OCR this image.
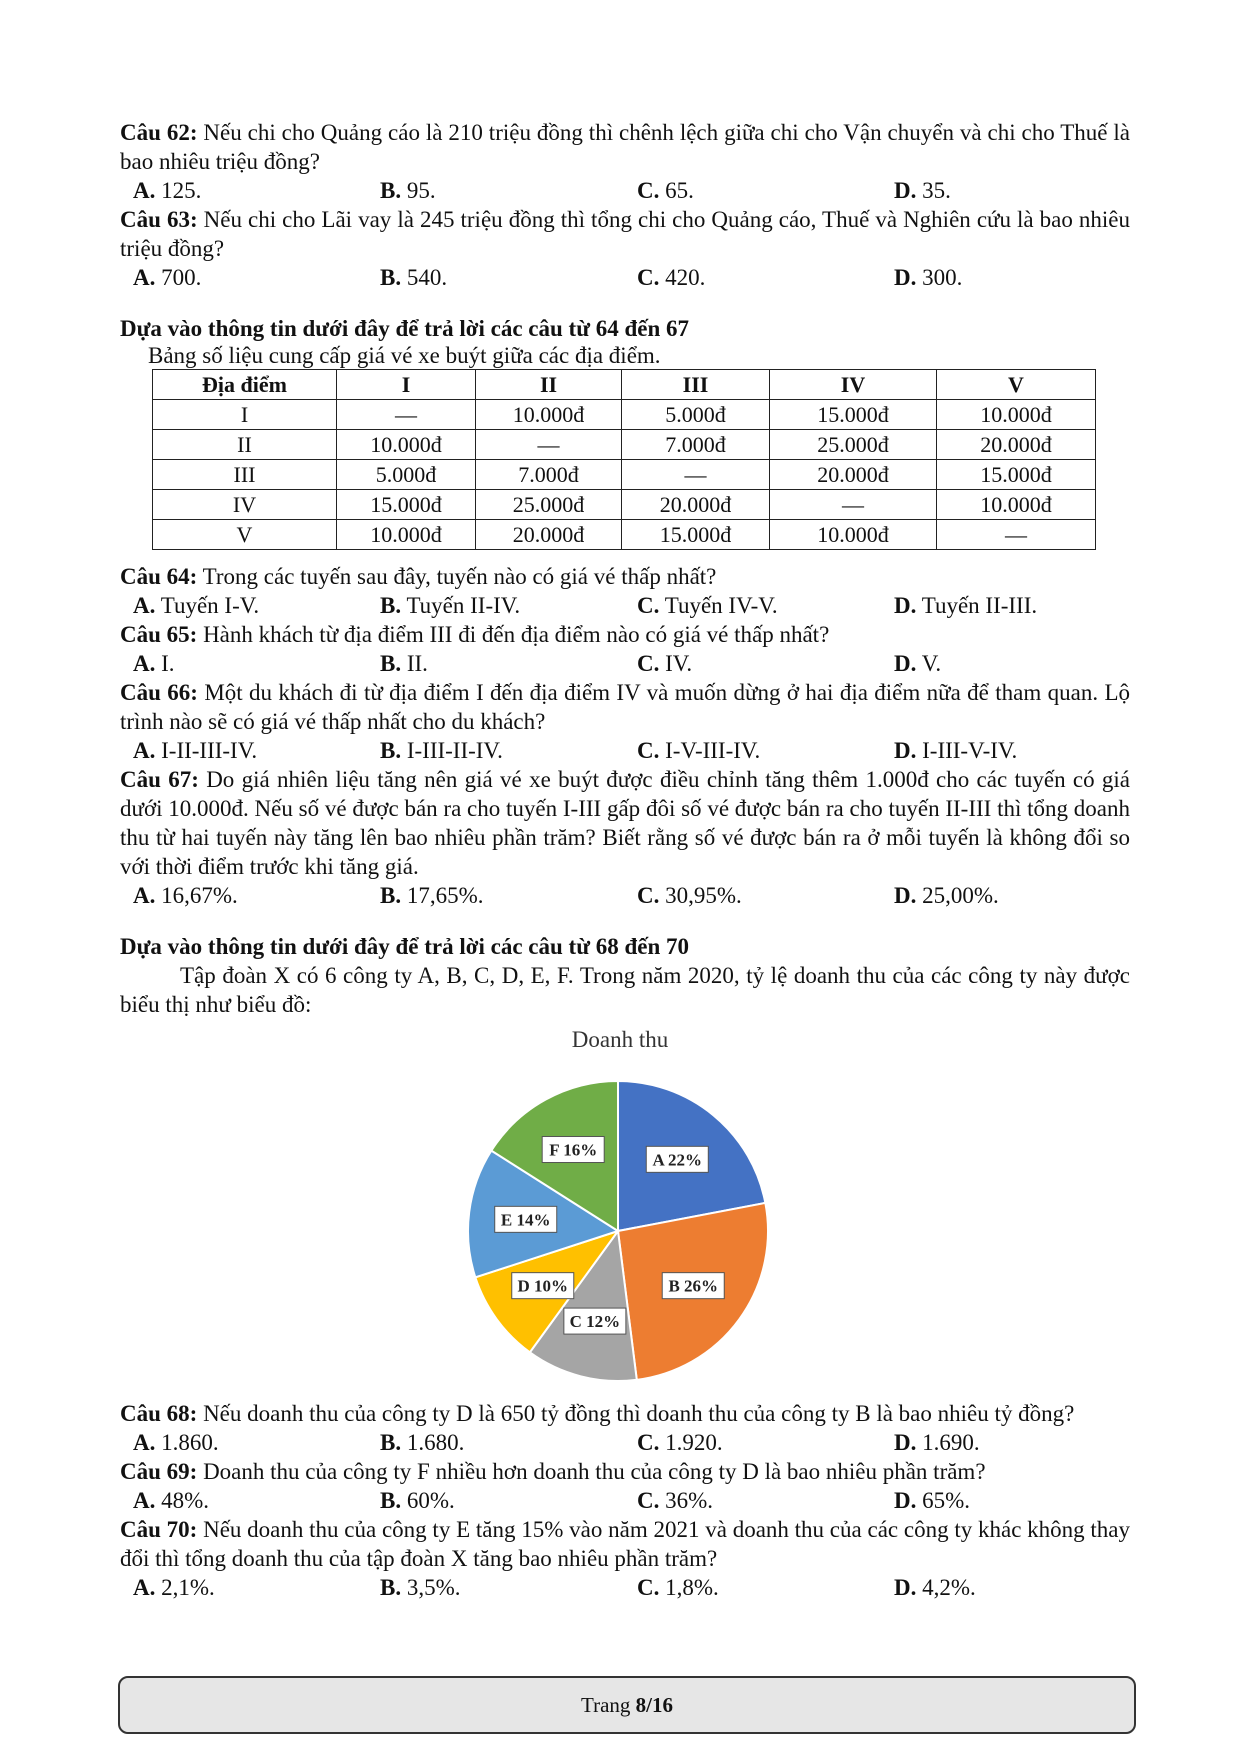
Câu 62: Nếu chi cho Quảng cáo là 210 triệu đồng thì chênh lệch giữa chi cho Vận chuyển và chi cho Thuế là bao nhiêu triệu đồng?
A. 125.	B. 95.	C. 65.	D. 35.
Câu 63: Nếu chi cho Lãi vay là 245 triệu đồng thì tổng chi cho Quảng cáo, Thuế và Nghiên cứu là bao nhiêu triệu đồng?
A. 700.	B. 540.	C. 420.	D. 300.
Dựa vào thông tin dưới đây để trả lời các câu từ 64 đến 67
Bảng số liệu cung cấp giá vé xe buýt giữa các địa điểm.
Địa điểm	I	II	III	IV	V
I	—	10.000đ	5.000đ	15.000đ	10.000đ
II	10.000đ	—	7.000đ	25.000đ	20.000đ
III	5.000đ	7.000đ	—	20.000đ	15.000đ
IV	15.000đ	25.000đ	20.000đ	—	10.000đ
V	10.000đ	20.000đ	15.000đ	10.000đ	—
Câu 64: Trong các tuyến sau đây, tuyến nào có giá vé thấp nhất?
A. Tuyến I-V.	B. Tuyến II-IV.	C. Tuyến IV-V.	D. Tuyến II-III.
Câu 65: Hành khách từ địa điểm III đi đến địa điểm nào có giá vé thấp nhất?
A. I.	B. II.	C. IV.	D. V.
Câu 66: Một du khách đi từ địa điểm I đến địa điểm IV và muốn dừng ở hai địa điểm nữa để tham quan. Lộ trình nào sẽ có giá vé thấp nhất cho du khách?
A. I-II-III-IV.	B. I-III-II-IV.	C. I-V-III-IV.	D. I-III-V-IV.
Câu 67: Do giá nhiên liệu tăng nên giá vé xe buýt được điều chỉnh tăng thêm 1.000đ cho các tuyến có giá dưới 10.000đ. Nếu số vé được bán ra cho tuyến I-III gấp đôi số vé được bán ra cho tuyến II-III thì tổng doanh thu từ hai tuyến này tăng lên bao nhiêu phần trăm? Biết rằng số vé được bán ra ở mỗi tuyến là không đổi so với thời điểm trước khi tăng giá.
A. 16,67%.	B. 17,65%.	C. 30,95%.	D. 25,00%.
Dựa vào thông tin dưới đây để trả lời các câu từ 68 đến 70
Tập đoàn X có 6 công ty A, B, C, D, E, F. Trong năm 2020, tỷ lệ doanh thu của các công ty này được biểu thị như biểu đồ:
Doanh thu
A 22%
B 26%
C 12%
D 10%
E 14%
F 16%
Câu 68: Nếu doanh thu của công ty D là 650 tỷ đồng thì doanh thu của công ty B là bao nhiêu tỷ đồng?
A. 1.860.	B. 1.680.	C. 1.920.	D. 1.690.
Câu 69: Doanh thu của công ty F nhiều hơn doanh thu của công ty D là bao nhiêu phần trăm?
A. 48%.	B. 60%.	C. 36%.	D. 65%.
Câu 70: Nếu doanh thu của công ty E tăng 15% vào năm 2021 và doanh thu của các công ty khác không thay đổi thì tổng doanh thu của tập đoàn X tăng bao nhiêu phần trăm?
A. 2,1%.	B. 3,5%.	C. 1,8%.	D. 4,2%.
Trang 8/16
